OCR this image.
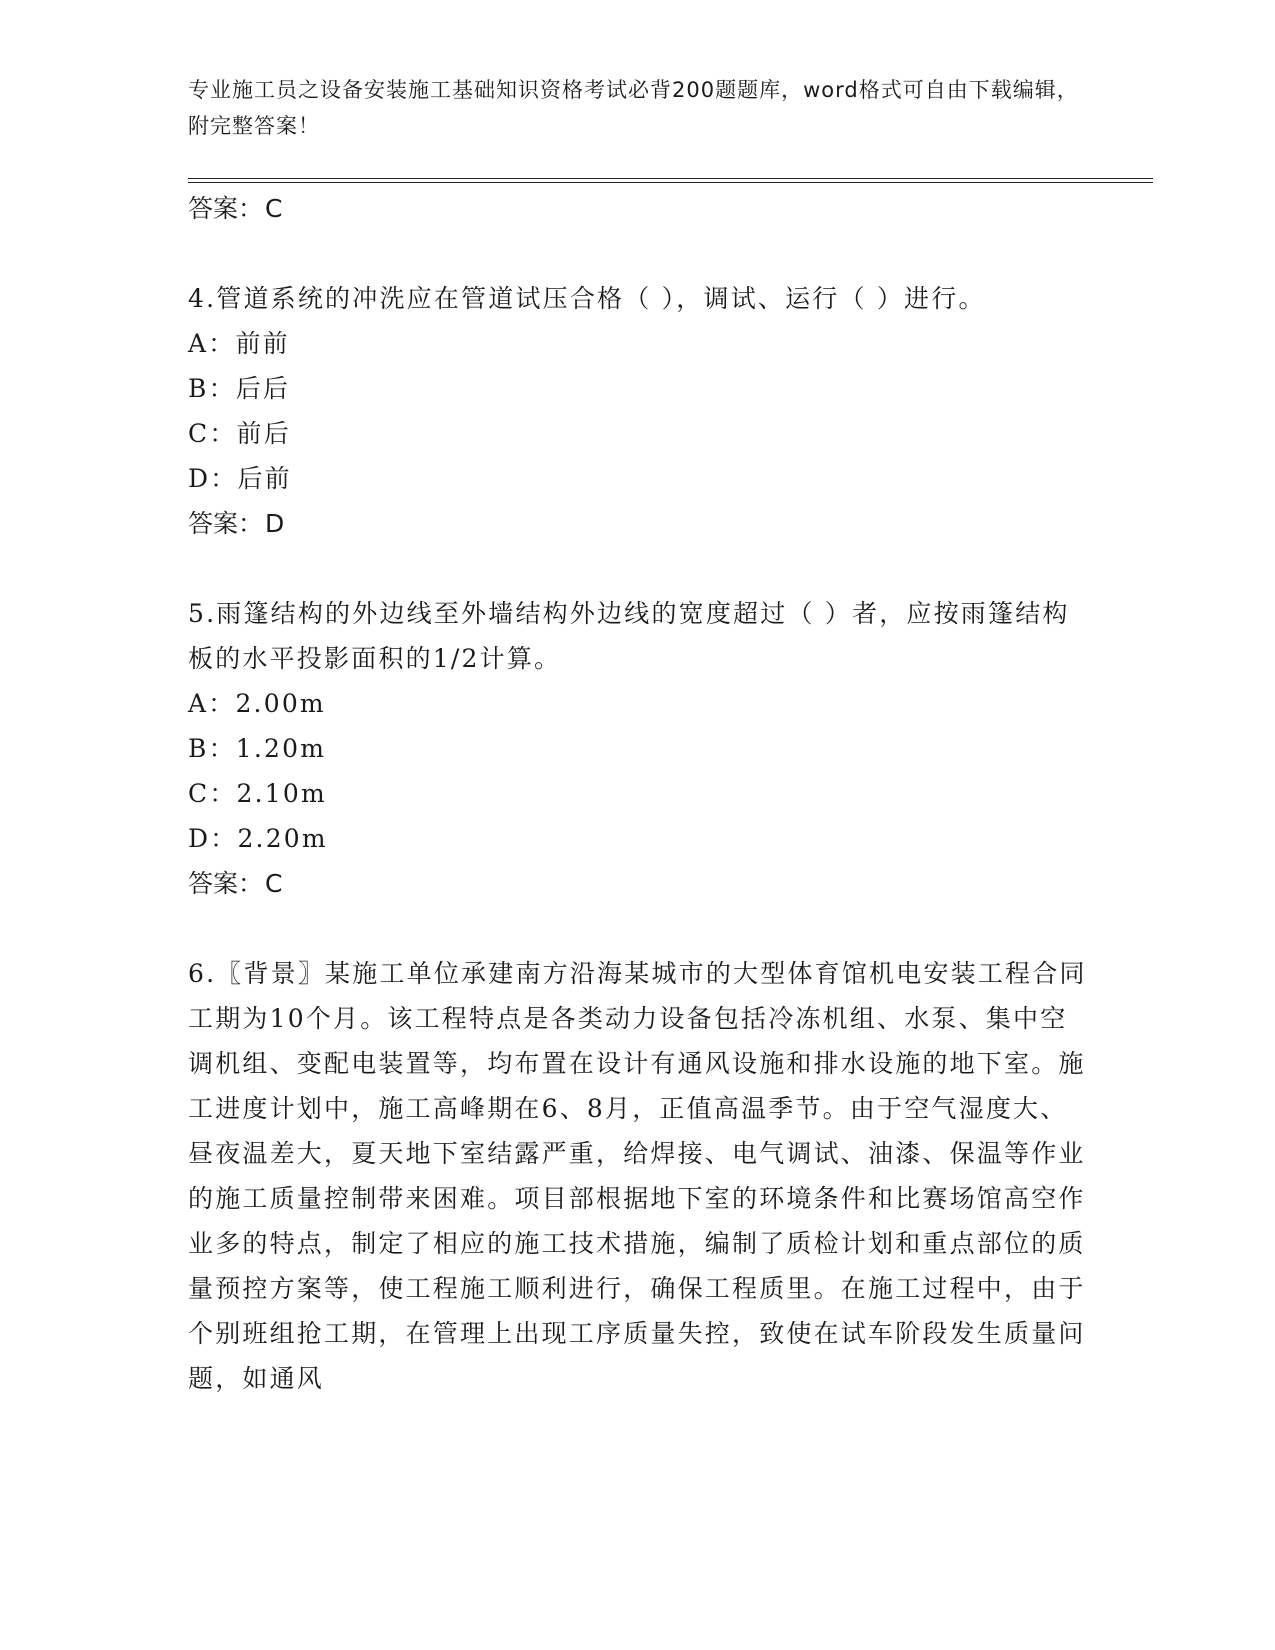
专业施工员之设备安装施工基础知识资格考试必背200题题库，word格式可自由下载编辑，附完整答案！
答案：C
4.管道系统的冲洗应在管道试压合格（ ），调试、运行（ ）进行。
A：前前
B：后后
C：前后
D：后前
答案：D
5.雨篷结构的外边线至外墙结构外边线的宽度超过（ ）者，应按雨篷结构板的水平投影面积的1/2计算。
A：2.00m
B：1.20m
C：2.10m
D：2.20m
答案：C
6.〖背景〗某施工单位承建南方沿海某城市的大型体育馆机电安装工程合同工期为10个月。该工程特点是各类动力设备包括冷冻机组、水泵、集中空调机组、变配电装置等，均布置在设计有通风设施和排水设施的地下室。施工进度计划中，施工高峰期在6、8月，正值高温季节。由于空气湿度大、昼夜温差大，夏天地下室结露严重，给焊接、电气调试、油漆、保温等作业的施工质量控制带来困难。项目部根据地下室的环境条件和比赛场馆高空作业多的特点，制定了相应的施工技术措施，编制了质检计划和重点部位的质量预控方案等，使工程施工顺利进行，确保工程质里。在施工过程中，由于个别班组抢工期，在管理上出现工序质量失控，致使在试车阶段发生质量问题，如通风
